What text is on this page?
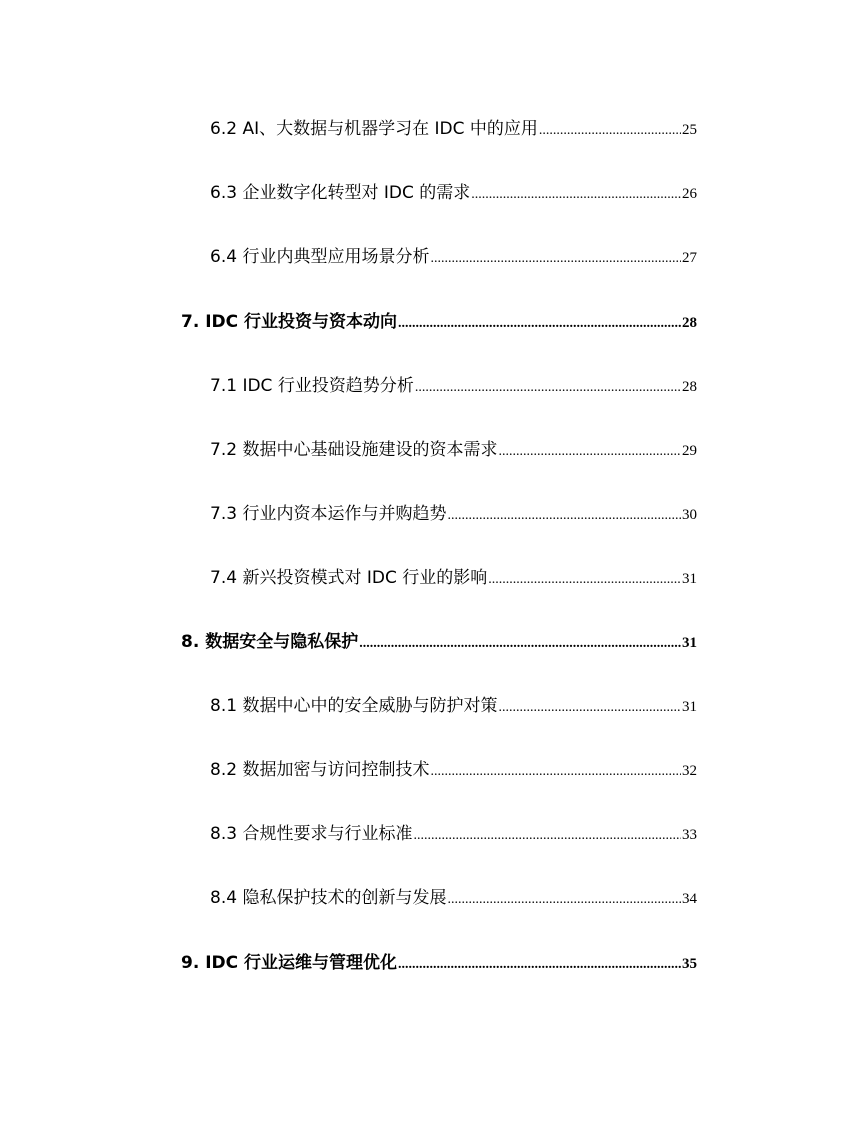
6.2 AI、大数据与机器学习在 IDC 中的应用 .....	25
6.3 企业数字化转型对 IDC 的需求 .....	26
6.4 行业内典型应用场景分析 .....	27
7. IDC 行业投资与资本动向 .....	28
7.1 IDC 行业投资趋势分析 .....	28
7.2 数据中心基础设施建设的资本需求 .....	29
7.3 行业内资本运作与并购趋势 .....	30
7.4 新兴投资模式对 IDC 行业的影响 .....	31
8. 数据安全与隐私保护 .....	31
8.1 数据中心中的安全威胁与防护对策 .....	31
8.2 数据加密与访问控制技术 .....	32
8.3 合规性要求与行业标准 .....	33
8.4 隐私保护技术的创新与发展 .....	34
9. IDC 行业运维与管理优化 .....	35
